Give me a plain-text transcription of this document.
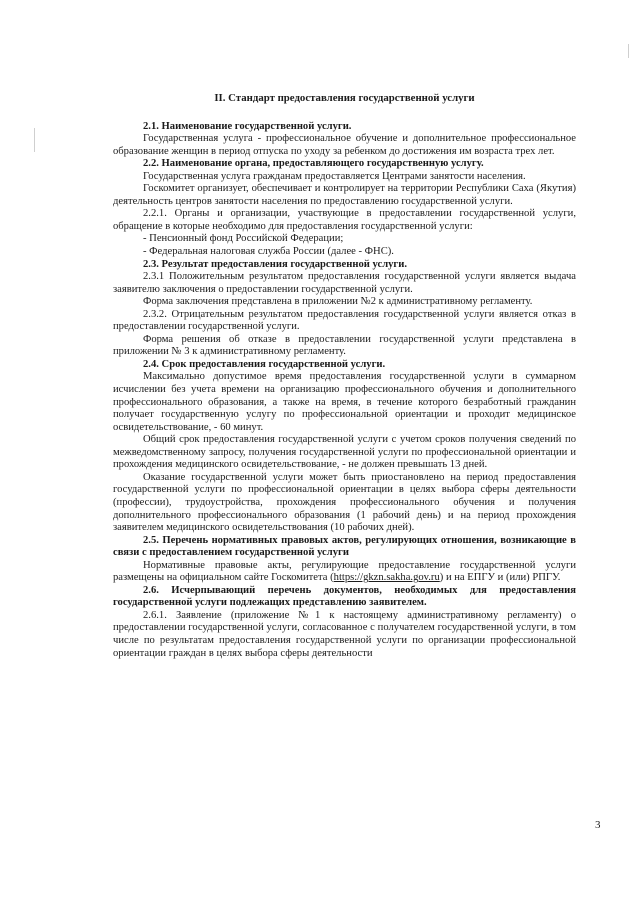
II. Стандарт предоставления государственной услуги

2.1. Наименование государственной услуги.

Государственная услуга - профессиональное обучение и дополнительное профессиональное образование женщин в период отпуска по уходу за ребенком до достижения им возраста трех лет.

2.2. Наименование органа, предоставляющего государственную услугу.

Государственная услуга гражданам предоставляется Центрами занятости населения.

Госкомитет организует, обеспечивает и контролирует на территории Республики Саха (Якутия) деятельность центров занятости населения по предоставлению государственной услуги.

2.2.1. Органы и организации, участвующие в предоставлении государственной услуги, обращение в которые необходимо для предоставления государственной услуги:

- Пенсионный фонд Российской Федерации;

- Федеральная налоговая служба России (далее - ФНС).

2.3. Результат предоставления государственной услуги.

2.3.1 Положительным результатом предоставления государственной услуги является выдача заявителю заключения о предоставлении государственной услуги.

Форма заключения представлена в приложении №2 к административному регламенту.

2.3.2. Отрицательным результатом предоставления государственной услуги является отказ в предоставлении государственной услуги.

Форма решения об отказе в предоставлении государственной услуги представлена в приложении № 3 к административному регламенту.

2.4. Срок предоставления государственной услуги.

Максимально допустимое время предоставления государственной услуги в суммарном исчислении без учета времени на организацию профессионального обучения и дополнительного профессионального образования, а также на время, в течение которого безработный гражданин получает государственную услугу по профессиональной ориентации и проходит медицинское освидетельствование, - 60 минут.

Общий срок предоставления государственной услуги с учетом сроков получения сведений по межведомственному запросу, получения государственной услуги по профессиональной ориентации и прохождения медицинского освидетельствование, - не должен превышать 13 дней.

Оказание государственной услуги может быть приостановлено на период предоставления государственной услуги по профессиональной ориентации в целях выбора сферы деятельности (профессии), трудоустройства, прохождения профессионального обучения и получения дополнительного профессионального образования (1 рабочий день) и на период прохождения заявителем медицинского освидетельствования (10 рабочих дней).

2.5. Перечень нормативных правовых актов, регулирующих отношения, возникающие в связи с предоставлением государственной услуги

Нормативные правовые акты, регулирующие предоставление государственной услуги размещены на официальном сайте Госкомитета (https://gkzn.sakha.gov.ru) и на ЕПГУ и (или) РПГУ.

2.6. Исчерпывающий перечень документов, необходимых для предоставления государственной услуги подлежащих представлению заявителем.

2.6.1. Заявление (приложение №1 к настоящему административному регламенту) о предоставлении государственной услуги, согласованное с получателем государственной услуги, в том числе по результатам предоставления государственной услуги по организации профессиональной ориентации граждан в целях выбора сферы деятельности

3
